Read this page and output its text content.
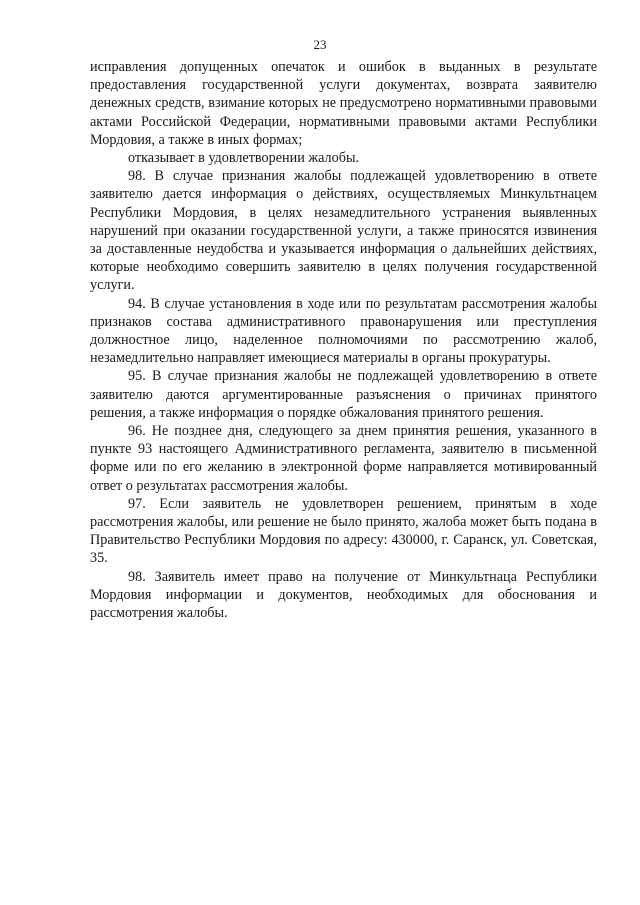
23

исправления допущенных опечаток и ошибок в выданных в результате предоставления государственной услуги документах, возврата заявителю денежных средств, взимание которых не предусмотрено нормативными правовыми актами Российской Федерации, нормативными правовыми актами Республики Мордовия, а также в иных формах;

отказывает в удовлетворении жалобы.

98. В случае признания жалобы подлежащей удовлетворению в ответе заявителю дается информация о действиях, осуществляемых Минкультнацем Республики Мордовия, в целях незамедлительного устранения выявленных нарушений при оказании государственной услуги, а также приносятся извинения за доставленные неудобства и указывается информация о дальнейших действиях, которые необходимо совершить заявителю в целях получения государственной услуги.

94. В случае установления в ходе или по результатам рассмотрения жалобы признаков состава административного правонарушения или преступления должностное лицо, наделенное полномочиями по рассмотрению жалоб, незамедлительно направляет имеющиеся материалы в органы прокуратуры.

95. В случае признания жалобы не подлежащей удовлетворению в ответе заявителю даются аргументированные разъяснения о причинах принятого решения, а также информация о порядке обжалования принятого решения.

96. Не позднее дня, следующего за днем принятия решения, указанного в пункте 93 настоящего Административного регламента, заявителю в письменной форме или по его желанию в электронной форме направляется мотивированный ответ о результатах рассмотрения жалобы.

97. Если заявитель не удовлетворен решением, принятым в ходе рассмотрения жалобы, или решение не было принято, жалоба может быть подана в Правительство Республики Мордовия по адресу: 430000, г. Саранск, ул. Советская, 35.

98. Заявитель имеет право на получение от Минкультнаца Республики Мордовия информации и документов, необходимых для обоснования и рассмотрения жалобы.
